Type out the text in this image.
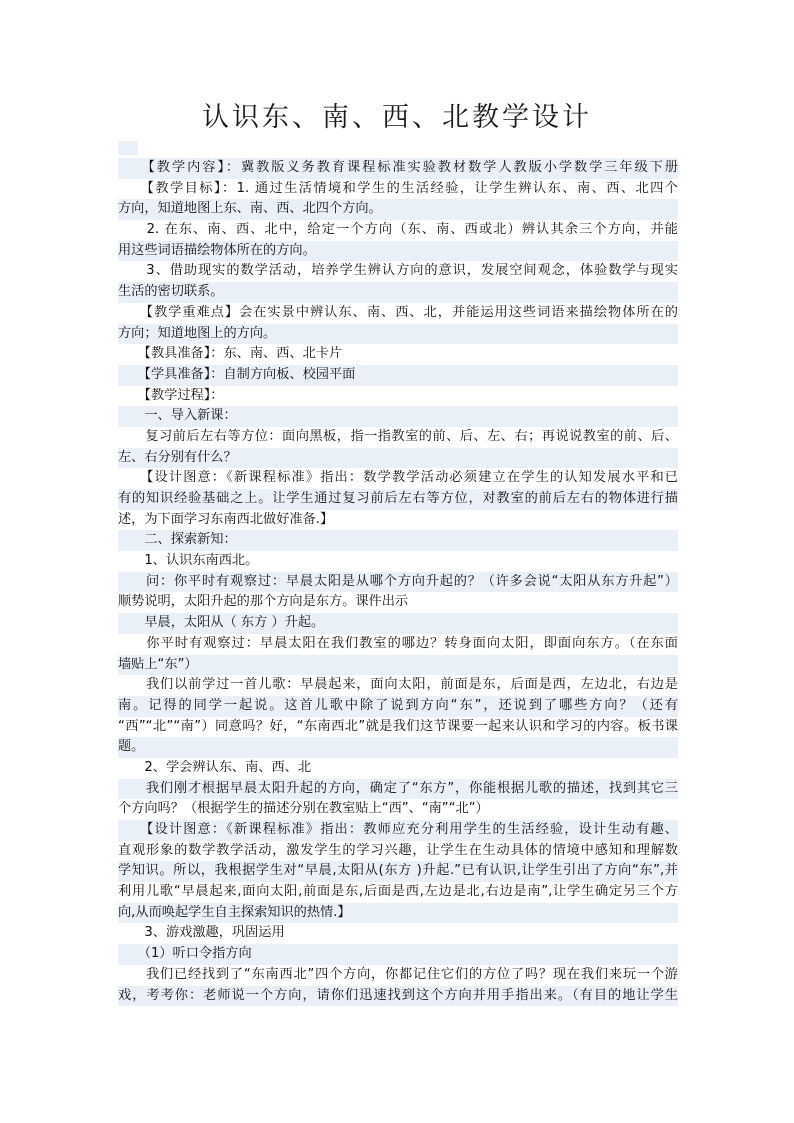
认识东、南、西、北教学设计
　　【教学内容】：冀教版义务教育课程标准实验教材数学人教版小学数学三年级下册
　　【教学目标】：1. 通过生活情境和学生的生活经验，让学生辨认东、南、西、北四个
方向，知道地图上东、南、西、北四个方向。
　　2. 在东、南、西、北中，给定一个方向（东、南、西或北）辨认其余三个方向，并能
用这些词语描绘物体所在的方向。
　　3、借助现实的数学活动，培养学生辨认方向的意识，发展空间观念，体验数学与现实
生活的密切联系。
　　【教学重难点】会在实景中辨认东、南、西、北，并能运用这些词语来描绘物体所在的
方向；知道地图上的方向。
　　【教具准备】：东、南、西、北卡片
　　【学具准备】：自制方向板、校园平面
　　【教学过程】：
　　一、导入新课：
　　复习前后左右等方位：面向黑板，指一指教室的前、后、左、右；再说说教室的前、后、
左、右分别有什么？
　　【设计图意：《新课程标准》指出：数学教学活动必须建立在学生的认知发展水平和已
有的知识经验基础之上。让学生通过复习前后左右等方位，对教室的前后左右的物体进行描
述，为下面学习东南西北做好准备.】
　　二、探索新知：
　　1、认识东南西北。
　　问：你平时有观察过：早晨太阳是从哪个方向升起的？（许多会说“太阳从东方升起”）
顺势说明，太阳升起的那个方向是东方。课件出示
　　早晨，太阳从（ 东方 ）升起。
　　你平时有观察过：早晨太阳在我们教室的哪边？转身面向太阳，即面向东方。（在东面
墙贴上“东”）
　　我们以前学过一首儿歌：早晨起来，面向太阳，前面是东，后面是西，左边北，右边是
南。记得的同学一起说。这首儿歌中除了说到方向“东”，还说到了哪些方向？（还有
“西”“北”“南”）同意吗？好，“东南西北”就是我们这节课要一起来认识和学习的内容。板书课
题。
　　2、学会辨认东、南、西、北
　　我们刚才根据早晨太阳升起的方向，确定了“东方”，你能根据儿歌的描述，找到其它三
个方向吗？（根据学生的描述分别在教室贴上“西”、“南”“北”）
　　【设计图意：《新课程标准》指出：教师应充分利用学生的生活经验，设计生动有趣、
直观形象的数学教学活动，激发学生的学习兴趣，让学生在生动具体的情境中感知和理解数
学知识。所以，我根据学生对“早晨,太阳从(东方 )升起.”已有认识,让学生引出了方向“东”,并
利用儿歌“早晨起来,面向太阳,前面是东,后面是西,左边是北,右边是南”,让学生确定另三个方
向,从而唤起学生自主探索知识的热情.】
　　3、游戏激趣，巩固运用
　　（1）听口令指方向
　　我们已经找到了“东南西北”四个方向，你都记住它们的方位了吗？现在我们来玩一个游
戏，考考你：老师说一个方向，请你们迅速找到这个方向并用手指出来。（有目的地让学生
